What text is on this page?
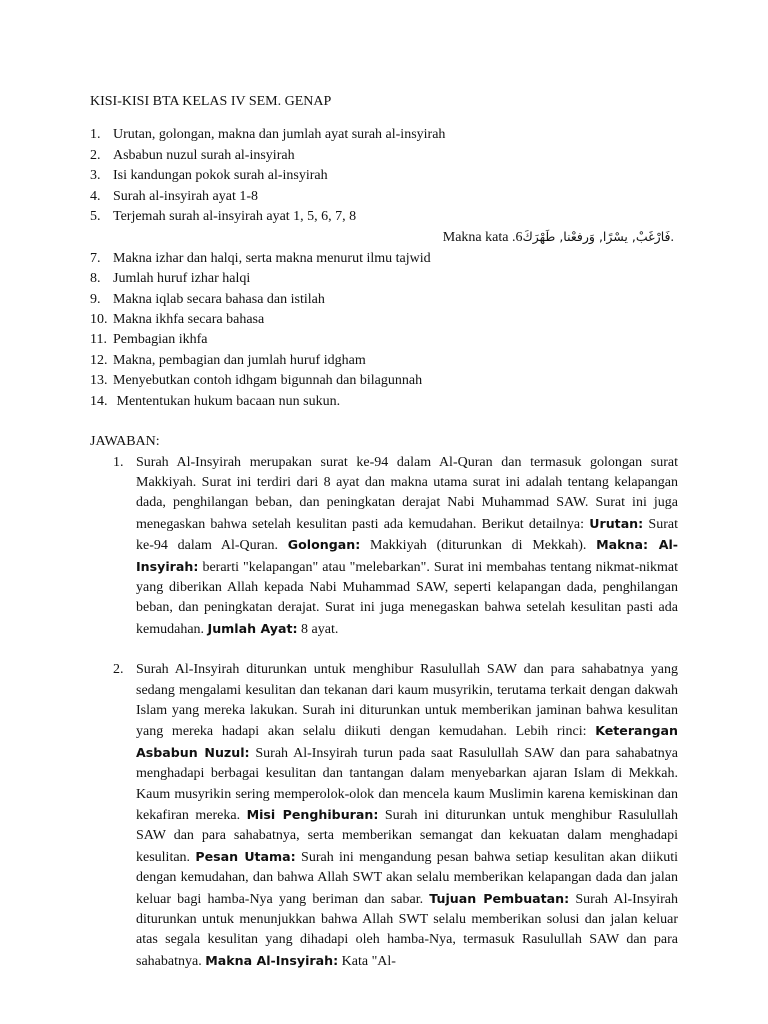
KISI-KISI BTA KELAS IV SEM. GENAP
1. Urutan, golongan, makna dan jumlah ayat surah al-insyirah
2. Asbabun nuzul surah al-insyirah
3. Isi kandungan pokok surah al-insyirah
4. Surah al-insyirah ayat 1-8
5. Terjemah surah al-insyirah ayat 1, 5, 6, 7, 8
Makna kata .6فَارْغَبْ, يسْرًا, وَرفعْنا, طَهْرَكَ.
7. Makna izhar dan halqi, serta makna menurut ilmu tajwid
8. Jumlah huruf izhar halqi
9. Makna iqlab secara bahasa dan istilah
10. Makna ikhfa secara bahasa
11. Pembagian ikhfa
12. Makna, pembagian dan jumlah huruf idgham
13. Menyebutkan contoh idhgam bigunnah dan bilagunnah
14. Mententukan hukum bacaan nun sukun.
JAWABAN:
1. Surah Al-Insyirah merupakan surat ke-94 dalam Al-Quran dan termasuk golongan surat Makkiyah. Surat ini terdiri dari 8 ayat dan makna utama surat ini adalah tentang kelapangan dada, penghilangan beban, dan peningkatan derajat Nabi Muhammad SAW. Surat ini juga menegaskan bahwa setelah kesulitan pasti ada kemudahan. Berikut detailnya: Urutan: Surat ke-94 dalam Al-Quran. Golongan: Makkiyah (diturunkan di Mekkah). Makna: Al-Insyirah: berarti "kelapangan" atau "melebarkan". Surat ini membahas tentang nikmat-nikmat yang diberikan Allah kepada Nabi Muhammad SAW, seperti kelapangan dada, penghilangan beban, dan peningkatan derajat. Surat ini juga menegaskan bahwa setelah kesulitan pasti ada kemudahan. Jumlah Ayat: 8 ayat.

2. Surah Al-Insyirah diturunkan untuk menghibur Rasulullah SAW dan para sahabatnya yang sedang mengalami kesulitan dan tekanan dari kaum musyrikin, terutama terkait dengan dakwah Islam yang mereka lakukan. Surah ini diturunkan untuk memberikan jaminan bahwa kesulitan yang mereka hadapi akan selalu diikuti dengan kemudahan. Lebih rinci: Keterangan Asbabun Nuzul: Surah Al-Insyirah turun pada saat Rasulullah SAW dan para sahabatnya menghadapi berbagai kesulitan dan tantangan dalam menyebarkan ajaran Islam di Mekkah. Kaum musyrikin sering memperolok-olok dan mencela kaum Muslimin karena kemiskinan dan kekafiran mereka. Misi Penghiburan: Surah ini diturunkan untuk menghibur Rasulullah SAW dan para sahabatnya, serta memberikan semangat dan kekuatan dalam menghadapi kesulitan. Pesan Utama: Surah ini mengandung pesan bahwa setiap kesulitan akan diikuti dengan kemudahan, dan bahwa Allah SWT akan selalu memberikan kelapangan dada dan jalan keluar bagi hamba-Nya yang beriman dan sabar. Tujuan Pembuatan: Surah Al-Insyirah diturunkan untuk menunjukkan bahwa Allah SWT selalu memberikan solusi dan jalan keluar atas segala kesulitan yang dihadapi oleh hamba-Nya, termasuk Rasulullah SAW dan para sahabatnya. Makna Al-Insyirah: Kata "Al-
